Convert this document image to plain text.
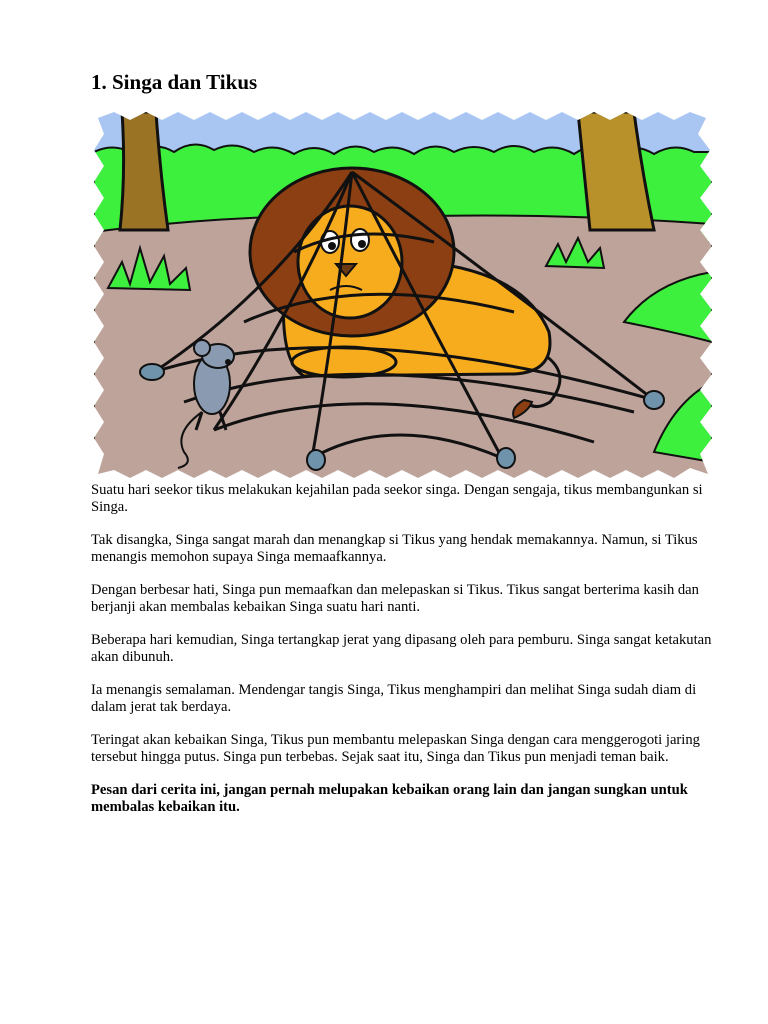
1. Singa dan Tikus

Suatu hari seekor tikus melakukan kejahilan pada seekor singa. Dengan sengaja, tikus membangunkan si Singa.

Tak disangka, Singa sangat marah dan menangkap si Tikus yang hendak memakannya. Namun, si Tikus menangis memohon supaya Singa memaafkannya.

Dengan berbesar hati, Singa pun memaafkan dan melepaskan si Tikus. Tikus sangat berterima kasih dan berjanji akan membalas kebaikan Singa suatu hari nanti.

Beberapa hari kemudian, Singa tertangkap jerat yang dipasang oleh para pemburu. Singa sangat ketakutan akan dibunuh.

Ia menangis semalaman. Mendengar tangis Singa, Tikus menghampiri dan melihat Singa sudah diam di dalam jerat tak berdaya.

Teringat akan kebaikan Singa, Tikus pun membantu melepaskan Singa dengan cara menggerogoti jaring tersebut hingga putus. Singa pun terbebas. Sejak saat itu, Singa dan Tikus pun menjadi teman baik.

Pesan dari cerita ini, jangan pernah melupakan kebaikan orang lain dan jangan sungkan untuk membalas kebaikan itu.
